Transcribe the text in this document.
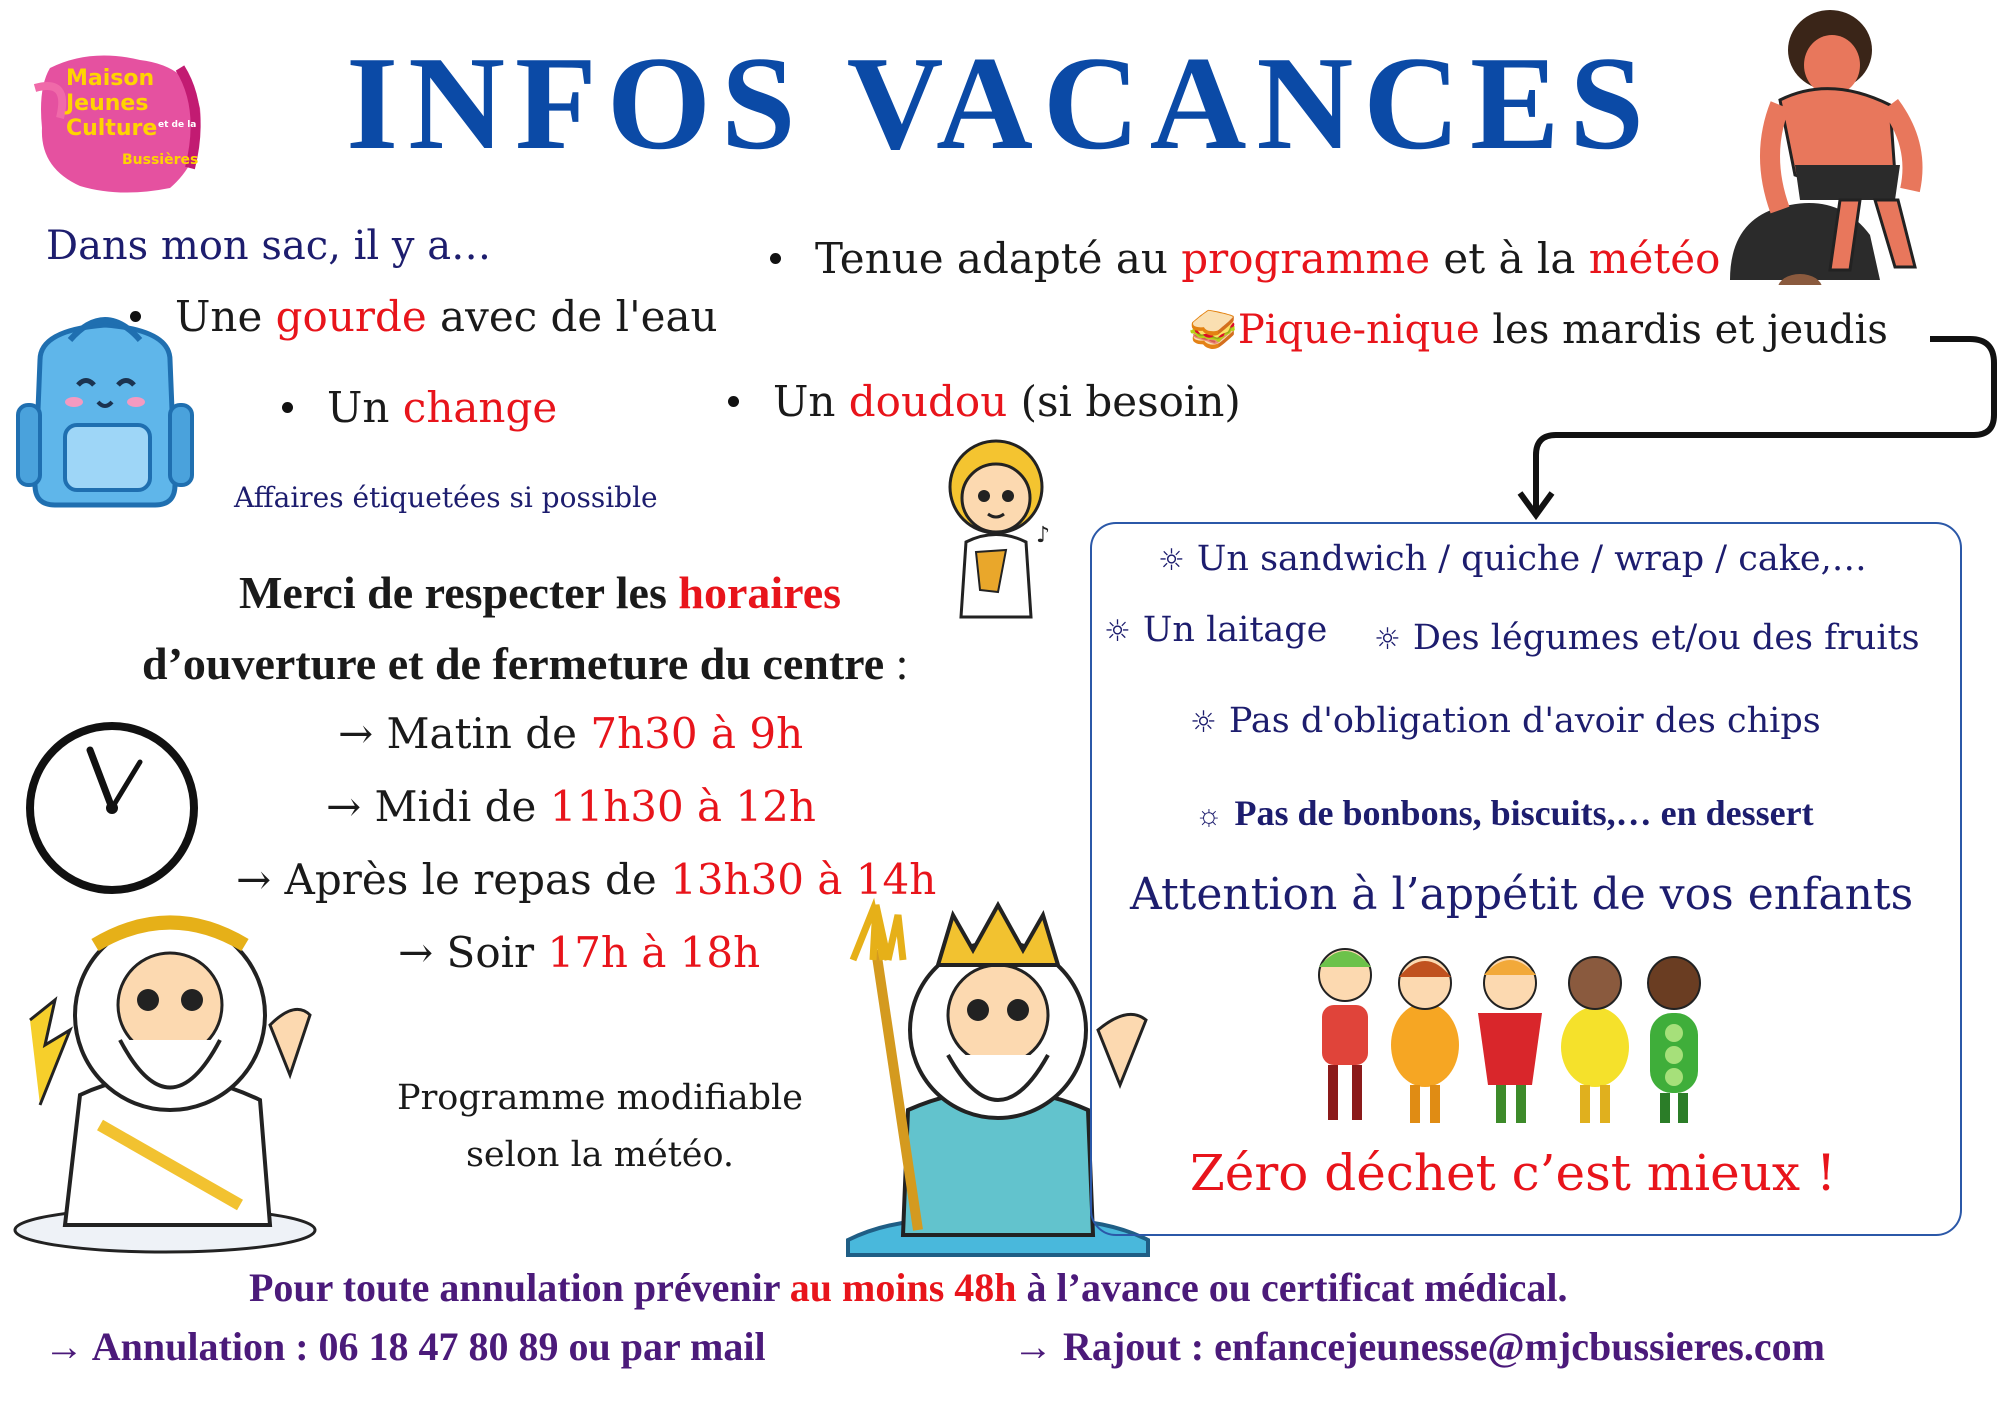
Maison
Jeunes
Culture et de la
Bussières	INFOS VACANCES
Dans mon sac, il y a…	Tenue adapté au programme et à la météo
Une gourde avec de l'eau	🥪Pique-nique les mardis et jeudis
Un change	Un doudou (si besoin)
Affaires étiquetées si possible
♪
Merci de respecter les horaires
d’ouverture et de fermeture du centre :
→ Matin de 7h30 à 9h
→ Midi de 11h30 à 12h
→ Après le repas de 13h30 à 14h
→ Soir 17h à 18h
Programme modifiable
selon la météo.
☼ Un sandwich / quiche / wrap / cake,…
☼ Un laitage ☼ Des légumes et/ou des fruits
☼ Pas d'obligation d'avoir des chips
☼ Pas de bonbons, biscuits,… en dessert
Attention à l’appétit de vos enfants
Zéro déchet c’est mieux !
Pour toute annulation prévenir au moins 48h à l’avance ou certificat médical.
→ Annulation : 06 18 47 80 89 ou par mail	→ Rajout : enfancejeunesse@mjcbussieres.com
